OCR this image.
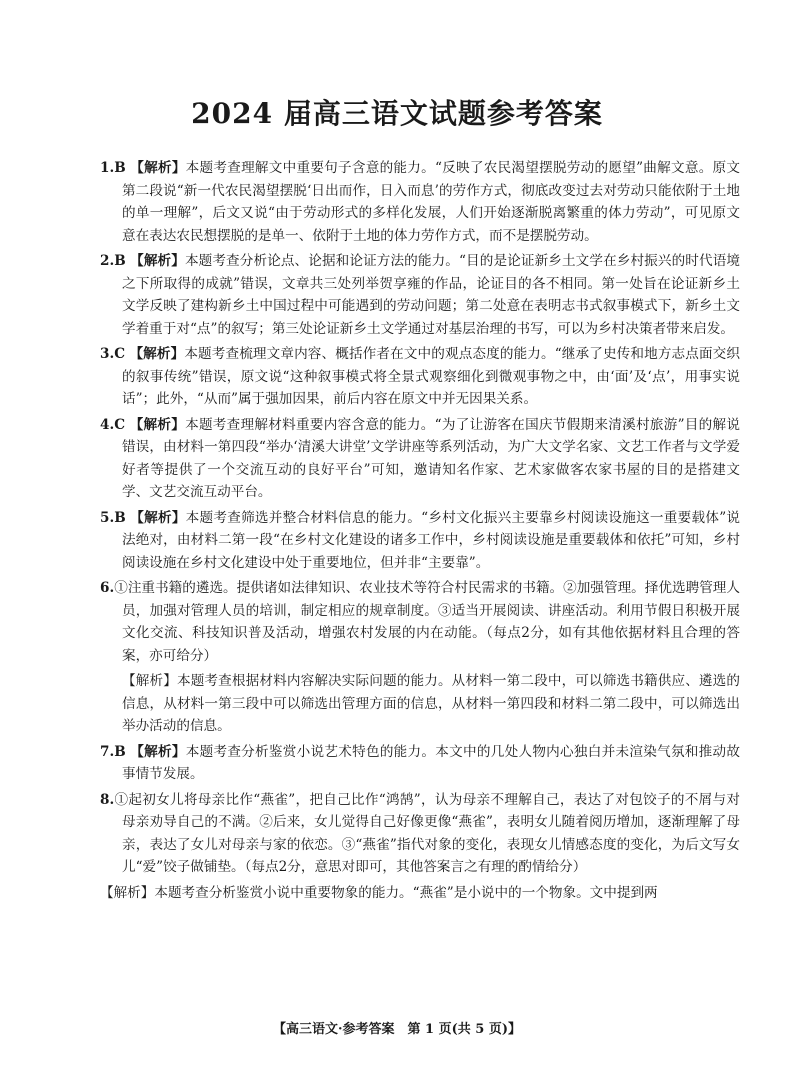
2024 届高三语文试题参考答案

1.B 【解析】本题考查理解文中重要句子含意的能力。“反映了农民渴望摆脱劳动的愿望”曲解文意。原文第二段说“新一代农民渴望摆脱‘日出而作，日入而息’的劳作方式，彻底改变过去对劳动只能依附于土地的单一理解”，后文又说“由于劳动形式的多样化发展，人们开始逐渐脱离繁重的体力劳动”，可见原文意在表达农民想摆脱的是单一、依附于土地的体力劳作方式，而不是摆脱劳动。

2.B 【解析】本题考查分析论点、论据和论证方法的能力。“目的是论证新乡土文学在乡村振兴的时代语境之下所取得的成就”错误，文章共三处列举贺享雍的作品，论证目的各不相同。第一处旨在论证新乡土文学反映了建构新乡土中国过程中可能遇到的劳动问题；第二处意在表明志书式叙事模式下，新乡土文学着重于对“点”的叙写；第三处论证新乡土文学通过对基层治理的书写，可以为乡村决策者带来启发。

3.C 【解析】本题考查梳理文章内容、概括作者在文中的观点态度的能力。“继承了史传和地方志点面交织的叙事传统”错误，原文说“这种叙事模式将全景式观察细化到微观事物之中，由‘面’及‘点’，用事实说话”；此外，“从而”属于强加因果，前后内容在原文中并无因果关系。

4.C 【解析】本题考查理解材料重要内容含意的能力。“为了让游客在国庆节假期来清溪村旅游”目的解说错误，由材料一第四段“举办‘清溪大讲堂’文学讲座等系列活动，为广大文学名家、文艺工作者与文学爱好者等提供了一个交流互动的良好平台”可知，邀请知名作家、艺术家做客农家书屋的目的是搭建文学、文艺交流互动平台。

5.B 【解析】本题考查筛选并整合材料信息的能力。“乡村文化振兴主要靠乡村阅读设施这一重要载体”说法绝对，由材料二第一段“在乡村文化建设的诸多工作中，乡村阅读设施是重要载体和依托”可知，乡村阅读设施在乡村文化建设中处于重要地位，但并非“主要靠”。

6.①注重书籍的遴选。提供诸如法律知识、农业技术等符合村民需求的书籍。②加强管理。择优选聘管理人员，加强对管理人员的培训，制定相应的规章制度。③适当开展阅读、讲座活动。利用节假日积极开展文化交流、科技知识普及活动，增强农村发展的内在动能。（每点2分，如有其他依据材料且合理的答案，亦可给分）

【解析】本题考查根据材料内容解决实际问题的能力。从材料一第二段中，可以筛选书籍供应、遴选的信息，从材料一第三段中可以筛选出管理方面的信息，从材料一第四段和材料二第二段中，可以筛选出举办活动的信息。

7.B 【解析】本题考查分析鉴赏小说艺术特色的能力。本文中的几处人物内心独白并未渲染气氛和推动故事情节发展。

8.①起初女儿将母亲比作“燕雀”，把自己比作“鸿鹄”，认为母亲不理解自己，表达了对包饺子的不屑与对母亲劝导自己的不满。②后来，女儿觉得自己好像更像“燕雀”，表明女儿随着阅历增加，逐渐理解了母亲，表达了女儿对母亲与家的依恋。③“燕雀”指代对象的变化，表现女儿情感态度的变化，为后文写女儿“爱”饺子做铺垫。（每点2分，意思对即可，其他答案言之有理的酌情给分）

【解析】本题考查分析鉴赏小说中重要物象的能力。“燕雀”是小说中的一个物象。文中提到两

【高三语文·参考答案　第 1 页(共 5 页)】
